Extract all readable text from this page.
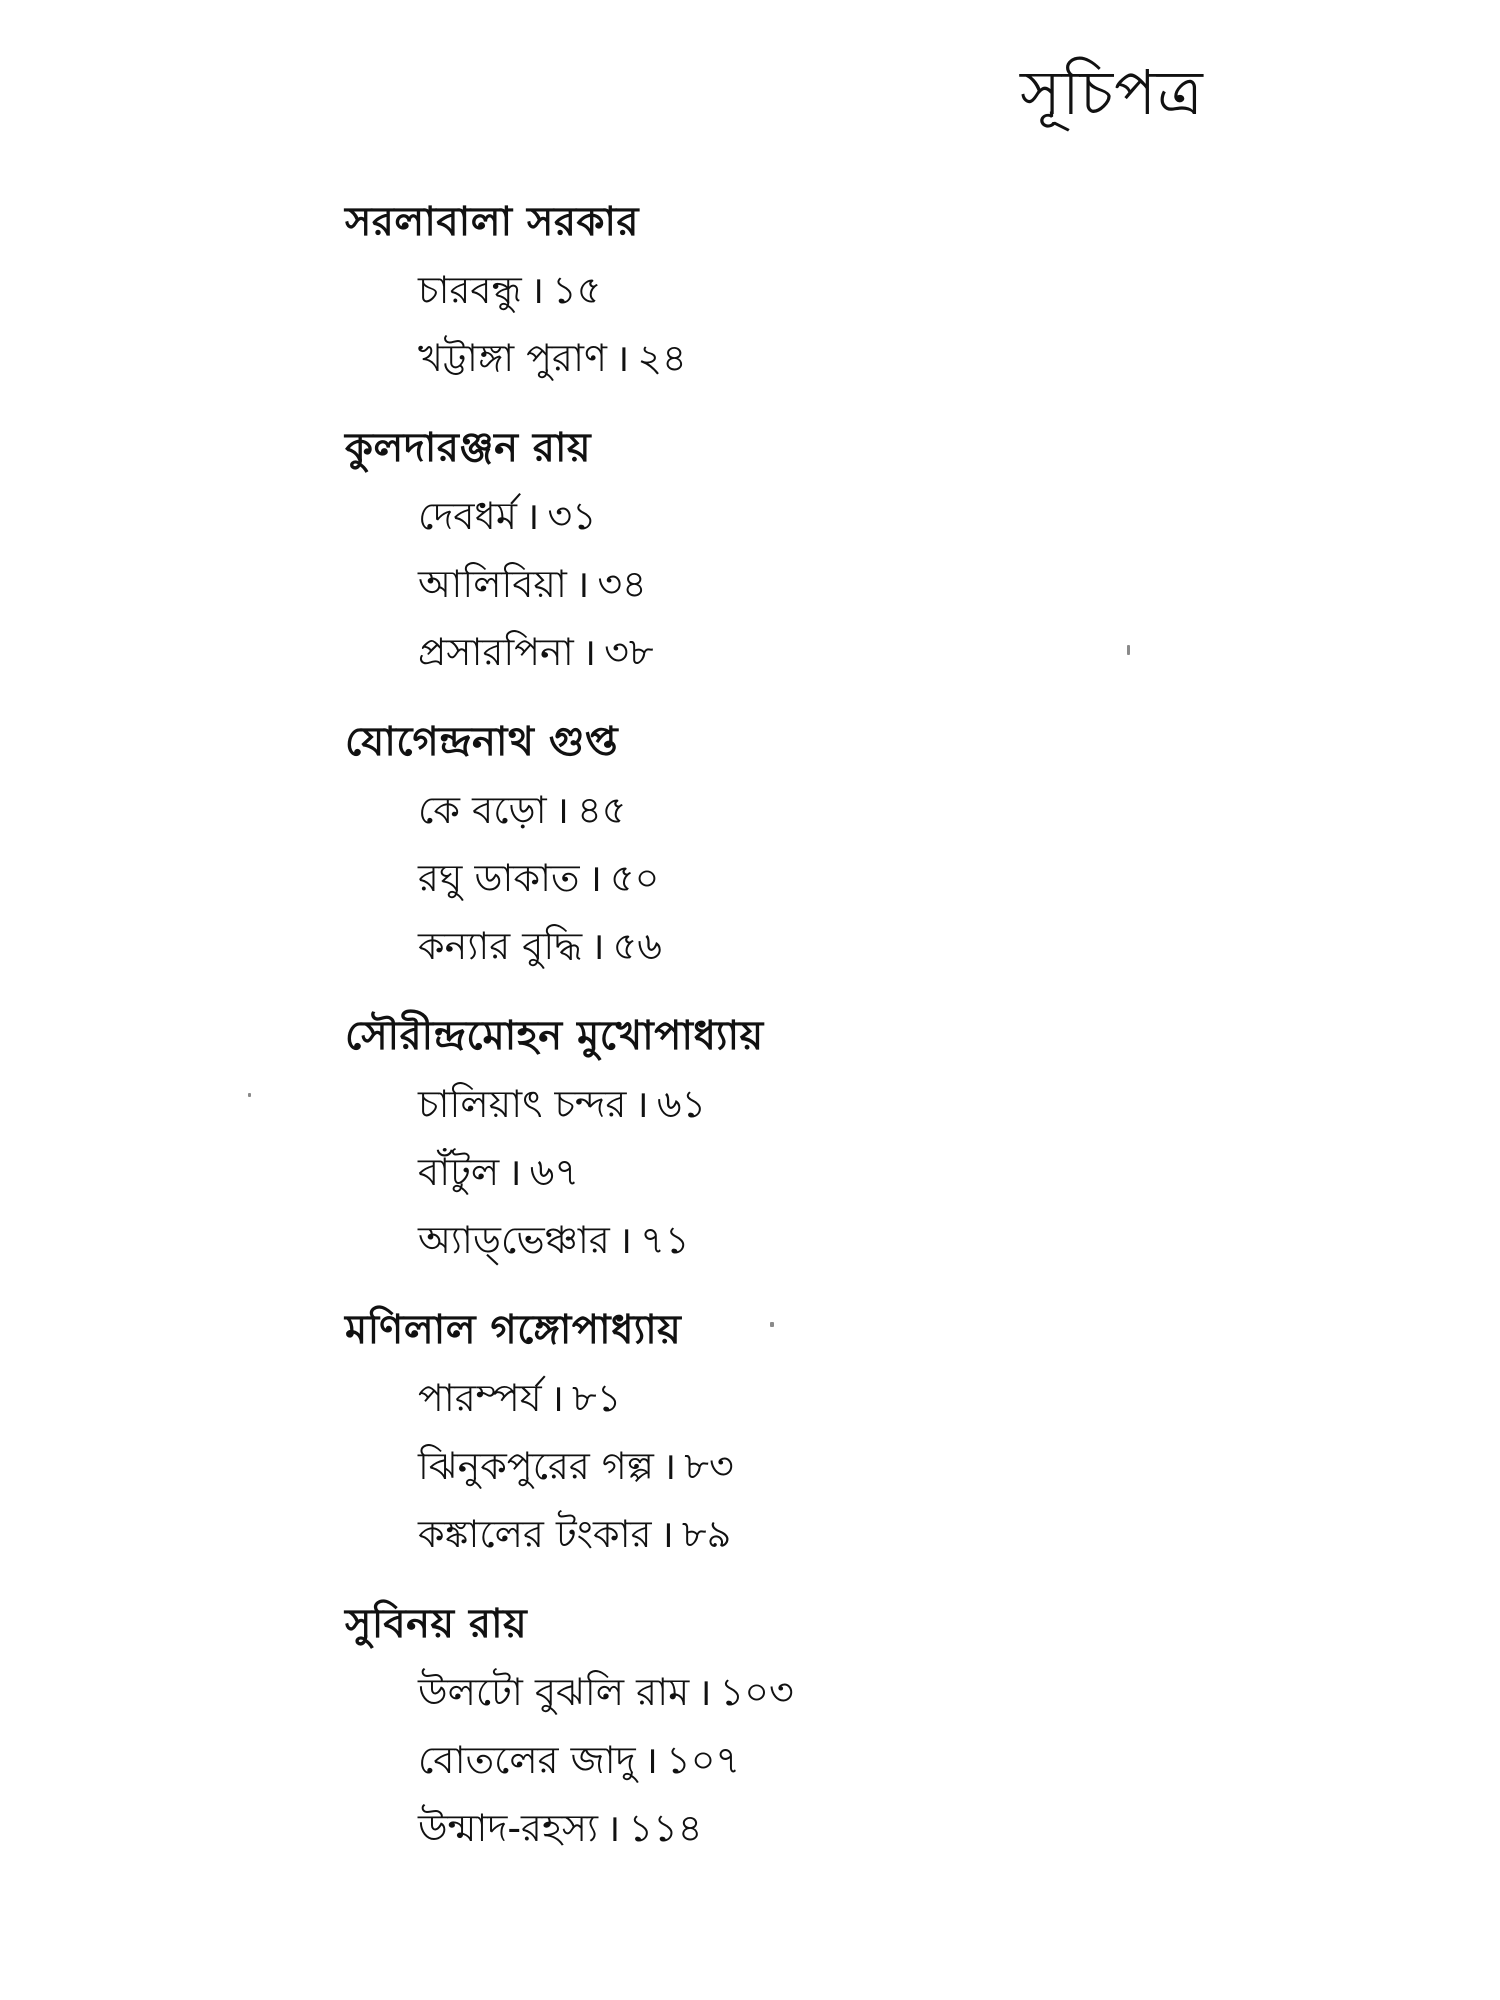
সূচিপত্র
সরলাবালা সরকার
চারবন্ধু । ১৫
খট্টাঙ্গা পুরাণ । ২৪
কুলদারঞ্জন রায়
দেবধর্ম । ৩১
আলিবিয়া । ৩৪
প্রসারপিনা । ৩৮
যোগেন্দ্রনাথ গুপ্ত
কে বড়ো । ৪৫
রঘু ডাকাত । ৫০
কন্যার বুদ্ধি । ৫৬
সৌরীন্দ্রমোহন মুখোপাধ্যায়
চালিয়াৎ চন্দর । ৬১
বাঁটুল । ৬৭
অ্যাড্‌ভেঞ্চার । ৭১
মণিলাল গঙ্গোপাধ্যায়
পারম্পর্য । ৮১
ঝিনুকপুরের গল্প । ৮৩
কঙ্কালের টংকার । ৮৯
সুবিনয় রায়
উলটো বুঝলি রাম । ১০৩
বোতলের জাদু । ১০৭
উন্মাদ-রহস্য । ১১৪
